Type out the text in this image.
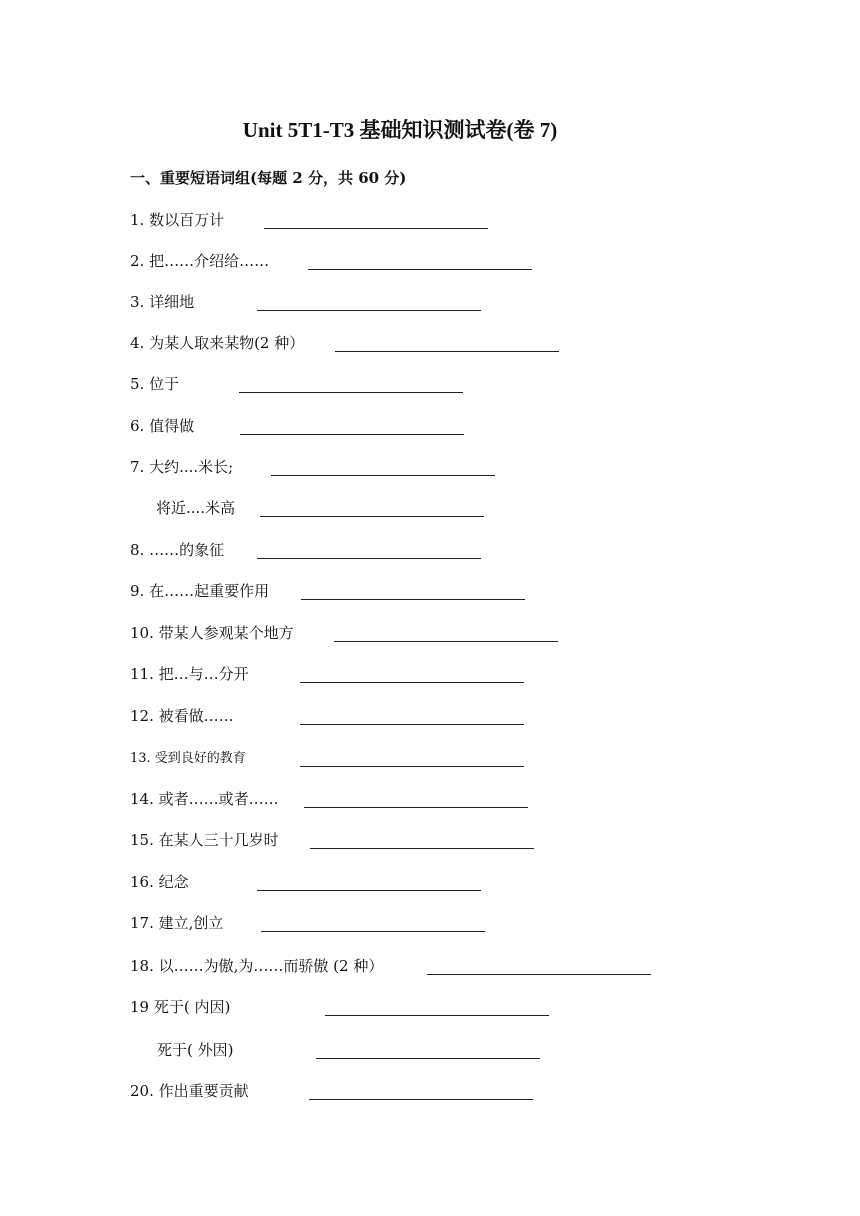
Unit 5T1-T3 基础知识测试卷(卷 7)
一、重要短语词组(每题 2 分，共 60 分)
1. 数以百万计
2. 把……介绍给……
3. 详细地
4. 为某人取来某物(2 种）
5. 位于
6. 值得做
7. 大约....米长;
将近....米高
8. ……的象征
9. 在……起重要作用
10. 带某人参观某个地方
11. 把…与…分开
12. 被看做……
13. 受到良好的教育
14. 或者……或者……
15. 在某人三十几岁时
16. 纪念
17. 建立,创立
18. 以……为傲,为……而骄傲 (2 种）
19 死于( 内因)
死于( 外因)
20. 作出重要贡献
